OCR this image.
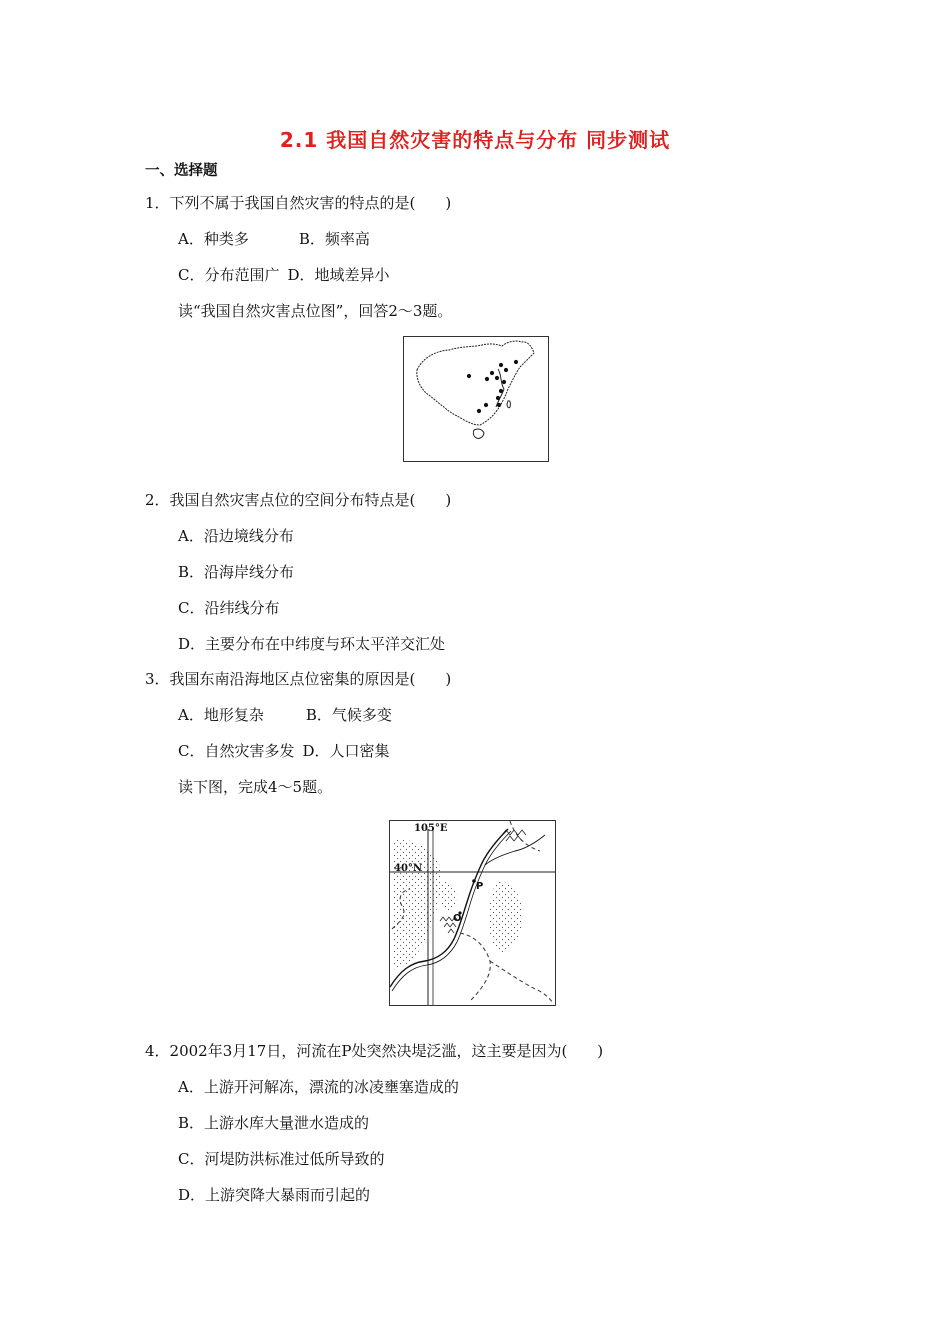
2.1 我国自然灾害的特点与分布 同步测试
一、选择题
1．下列不属于我国自然灾害的特点的是(　　)
A．种类多	B．频率高
C．分布范围广 D．地域差异小
读“我国自然灾害点位图”，回答2～3题。
2．我国自然灾害点位的空间分布特点是(　　)
A．沿边境线分布
B．沿海岸线分布
C．沿纬线分布
D．主要分布在中纬度与环太平洋交汇处
3．我国东南沿海地区点位密集的原因是(　　)
A．地形复杂	B．气候多变
C．自然灾害多发 D．人口密集
读下图，完成4～5题。
105°E
40°N
P
O
4．2002年3月17日，河流在P处突然决堤泛滥，这主要是因为(　　)
A．上游开河解冻，漂流的冰凌壅塞造成的
B．上游水库大量泄水造成的
C．河堤防洪标准过低所导致的
D．上游突降大暴雨而引起的
